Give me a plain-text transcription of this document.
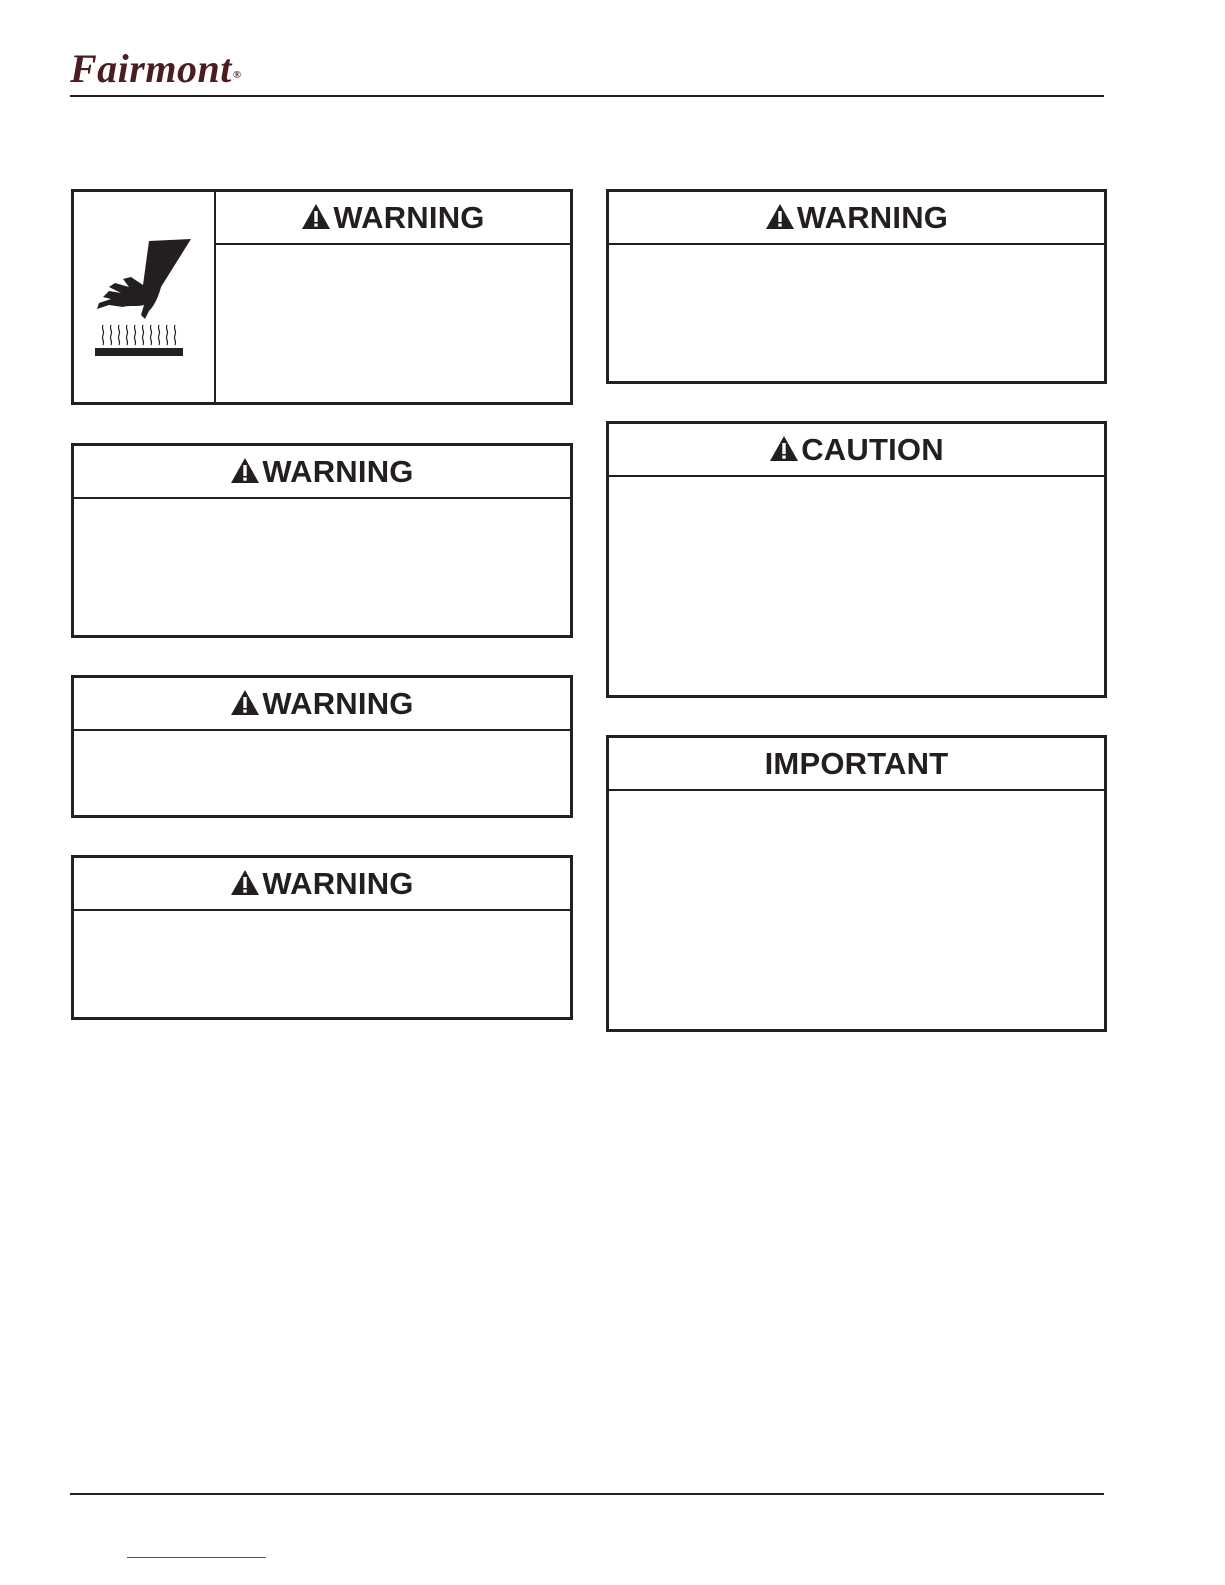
Fairmont®
WARNING
WARNING
WARNING
WARNING
WARNING
CAUTION
IMPORTANT
